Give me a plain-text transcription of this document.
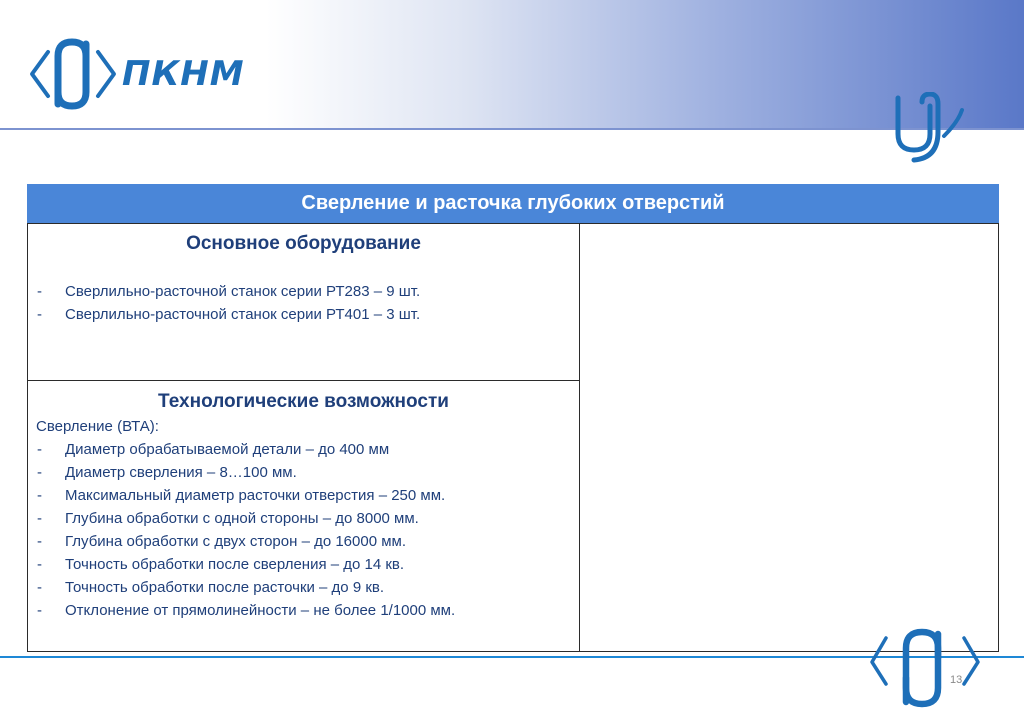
ПКНМ
Сверление и расточка глубоких отверстий
Основное оборудование
- Сверлильно-расточной станок серии РТ283 – 9 шт.
- Сверлильно-расточной станок серии РТ401 – 3 шт.
Технологические возможности
Сверление (ВТА):
- Диаметр обрабатываемой детали – до 400 мм
- Диаметр сверления – 8…100 мм.
- Максимальный диаметр расточки отверстия – 250 мм.
- Глубина обработки с одной стороны – до 8000 мм.
- Глубина обработки с двух сторон – до 16000 мм.
- Точность обработки после сверления – до 14 кв.
- Точность обработки после расточки – до 9 кв.
- Отклонение от прямолинейности – не более 1/1000 мм.
13
